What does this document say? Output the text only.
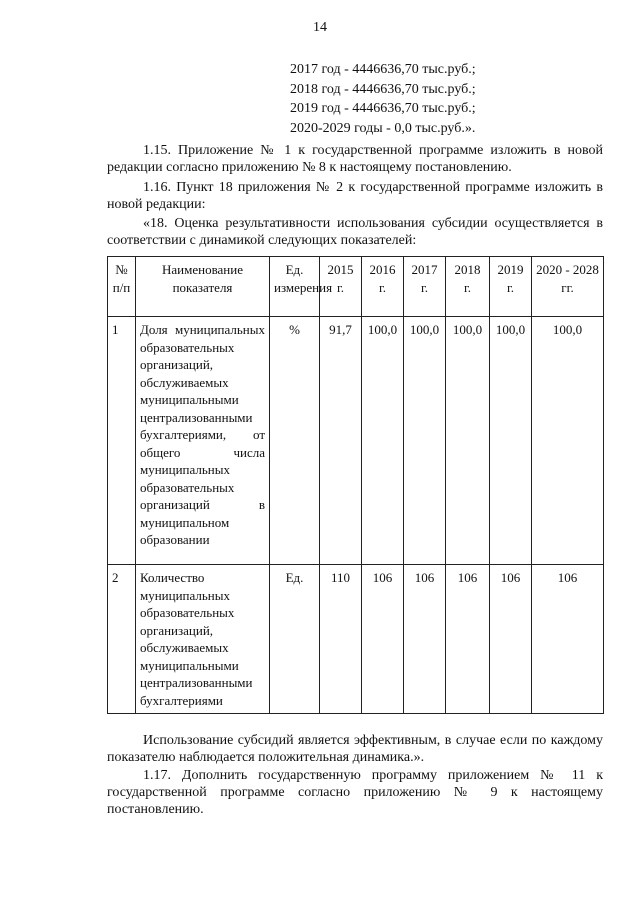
14
2017 год - 4446636,70 тыс.руб.;
2018 год - 4446636,70 тыс.руб.;
2019 год - 4446636,70 тыс.руб.;
2020-2029 годы - 0,0 тыс.руб.».
1.15. Приложение № 1 к государственной программе изложить в новой редакции согласно приложению № 8 к настоящему постановлению.
1.16. Пункт 18 приложения № 2 к государственной программе изложить в новой редакции:
«18. Оценка результативности использования субсидии осуществляется в соответствии с динамикой следующих показателей:
№ п/п	Наименование показателя	Ед. измерения	2015 г.	2016 г.	2017 г.	2018 г.	2019 г.	2020 - 2028 гг.
1	Доля муниципальных образовательных организаций, обслуживаемых муниципальными централизованными бухгалтериями, от общего числа муниципальных образовательных организаций в муниципальном образовании	%	91,7	100,0	100,0	100,0	100,0	100,0
2	Количество муниципальных образовательных организаций, обслуживаемых муниципальными централизованными бухгалтериями	Ед.	110	106	106	106	106	106
Использование субсидий является эффективным, в случае если по каждому показателю наблюдается положительная динамика.».
1.17. Дополнить государственную программу приложением № 11 к государственной программе согласно приложению № 9 к настоящему постановлению.
